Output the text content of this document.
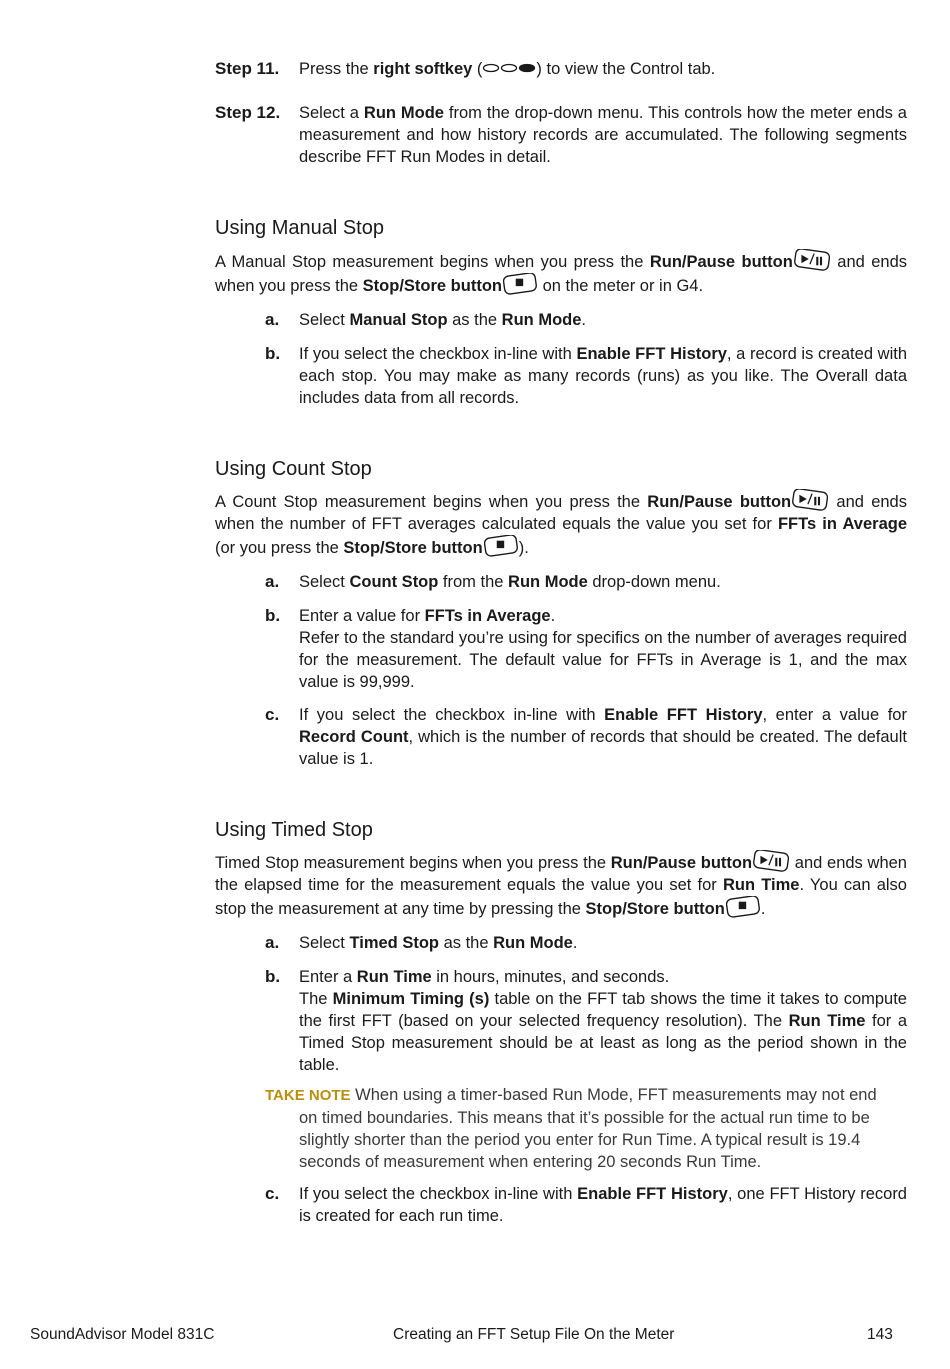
Step 11.	Press the right softkey (	) to view the Control tab.
Step 12.	Select a Run Mode from the drop-down menu. This controls how the meter ends a measurement and how history records are accumulated. The following segments describe FFT Run Modes in detail.
Using Manual Stop
A Manual Stop measurement begins when you press the Run/Pause button and ends when you press the Stop/Store button on the meter or in G4.
a.	Select Manual Stop as the Run Mode.
b.	If you select the checkbox in-line with Enable FFT History, a record is created with each stop. You may make as many records (runs) as you like. The Overall data includes data from all records.
Using Count Stop
A Count Stop measurement begins when you press the Run/Pause button and ends when the number of FFT averages calculated equals the value you set for FFTs in Average (or you press the Stop/Store button ).
a.	Select Count Stop from the Run Mode drop-down menu.
b.	Enter a value for FFTs in Average.
Refer to the standard you’re using for specifics on the number of averages required for the measurement. The default value for FFTs in Average is 1, and the max value is 99,999.
c.	If you select the checkbox in-line with Enable FFT History, enter a value for Record Count, which is the number of records that should be created. The default value is 1.
Using Timed Stop
Timed Stop measurement begins when you press the Run/Pause button and ends when the elapsed time for the measurement equals the value you set for Run Time. You can also stop the measurement at any time by pressing the Stop/Store button .
a.	Select Timed Stop as the Run Mode.
b.	Enter a Run Time in hours, minutes, and seconds.
The Minimum Timing (s) table on the FFT tab shows the time it takes to compute the first FFT (based on your selected frequency resolution). The Run Time for a Timed Stop measurement should be at least as long as the period shown in the table.
TAKE NOTE When using a timer-based Run Mode, FFT measurements may not end
on timed boundaries. This means that it’s possible for the actual run time to be slightly shorter than the period you enter for Run Time. A typical result is 19.4 seconds of measurement when entering 20 seconds Run Time.
c.	If you select the checkbox in-line with Enable FFT History, one FFT History record is created for each run time.
SoundAdvisor Model 831C	Creating an FFT Setup File On the Meter	143
